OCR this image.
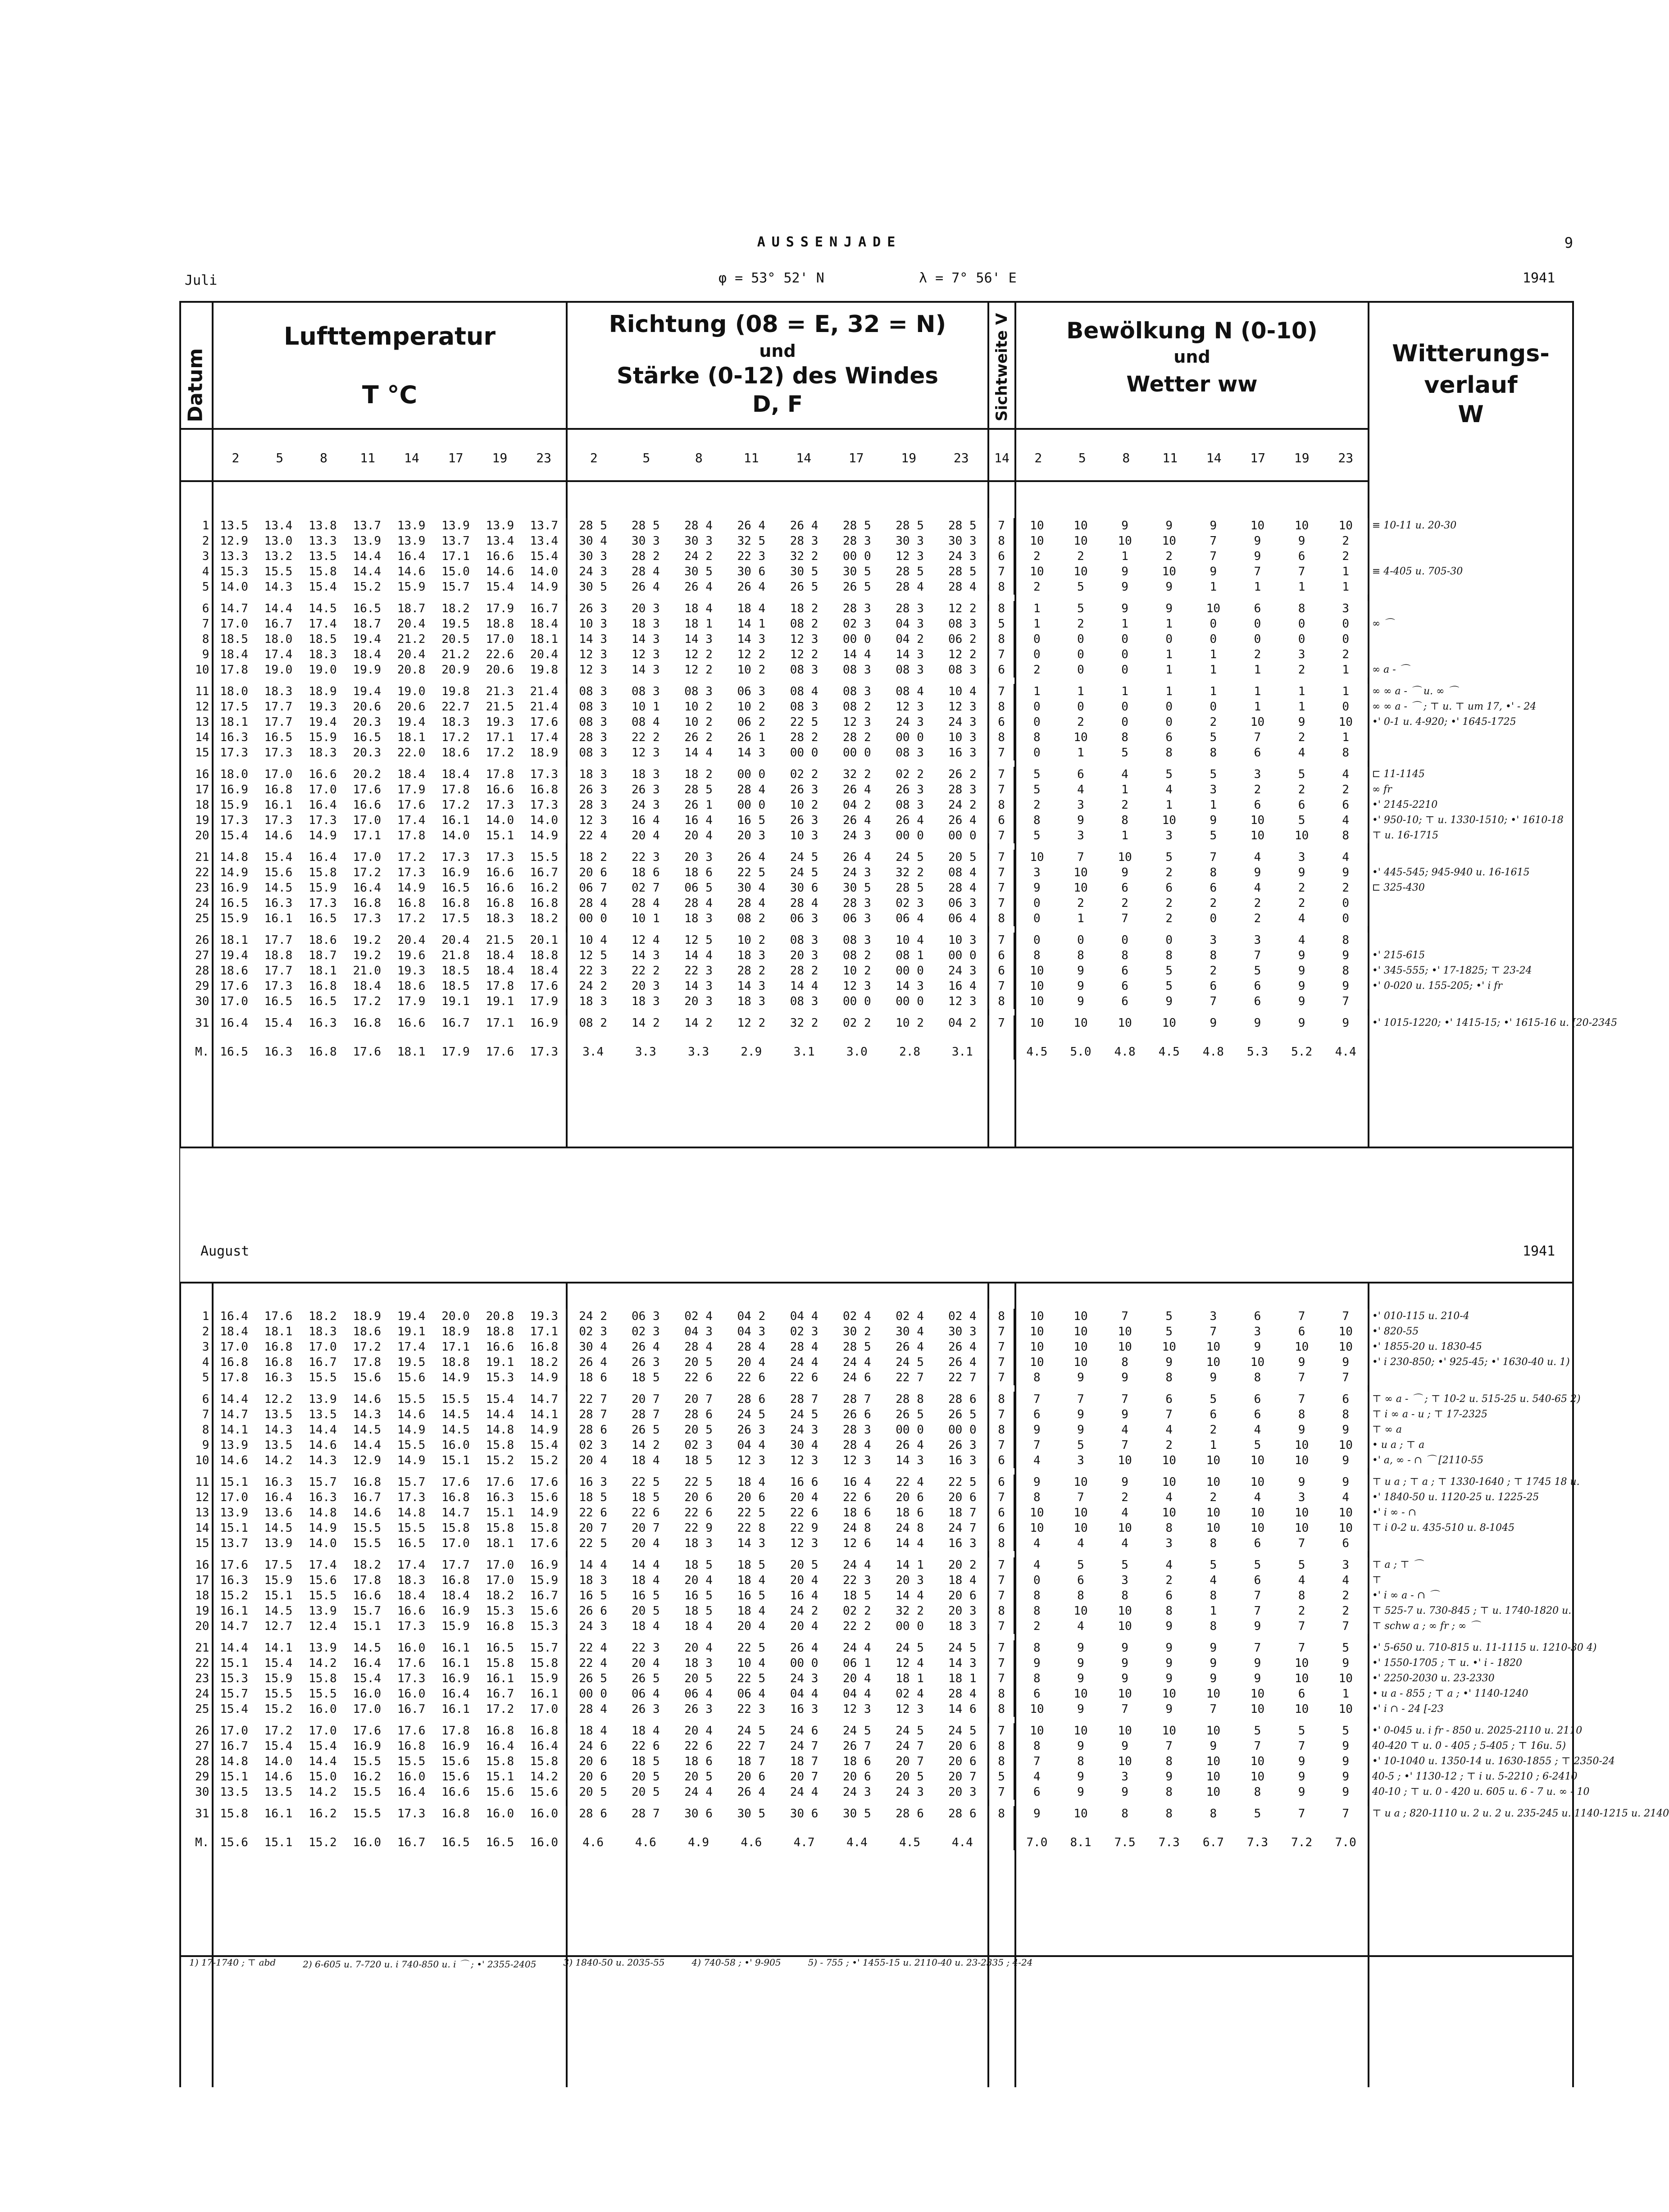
AUSSENJADE	9
Juli	φ = 53° 52' N	λ = 7° 56' E	1941
Datum
Lufttemperatur
T °C
Richtung (08 = E, 32 = N)
und
Stärke (0-12) des Windes
D, F	Sichtweite V	Bewölkung N (0-10)
und
Wetter ww
Witterungs-
verlauf
W
2	5	8	11	14	17	19	23	2	5	8	11	14	17	19	23	14	2	5	8	11	14	17	19	23
1	13.5	13.4	13.8	13.7	13.9	13.9	13.9	13.7	28 5	28 5	28 4	26 4	26 4	28 5	28 5	28 5	7	10	10	9	9	9	10	10	10	≡ 10-11 u. 20-30
2	12.9	13.0	13.3	13.9	13.9	13.7	13.4	13.4	30 4	30 3	30 3	32 5	28 3	28 3	30 3	30 3	8	10	10	10	10	7	9	9	2	
3	13.3	13.2	13.5	14.4	16.4	17.1	16.6	15.4	30 3	28 2	24 2	22 3	32 2	00 0	12 3	24 3	6	2	2	1	2	7	9	6	2	
4	15.3	15.5	15.8	14.4	14.6	15.0	14.6	14.0	24 3	28 4	30 5	30 6	30 5	30 5	28 5	28 5	7	10	10	9	10	9	7	7	1	≡ 4-405 u. 705-30
5	14.0	14.3	15.4	15.2	15.9	15.7	15.4	14.9	30 5	26 4	26 4	26 4	26 5	26 5	28 4	28 4	8	2	5	9	9	1	1	1	1	

6	14.7	14.4	14.5	16.5	18.7	18.2	17.9	16.7	26 3	20 3	18 4	18 4	18 2	28 3	28 3	12 2	8	1	5	9	9	10	6	8	3	
7	17.0	16.7	17.4	18.7	20.4	19.5	18.8	18.4	10 3	18 3	18 1	14 1	08 2	02 3	04 3	08 3	5	1	2	1	1	0	0	0	0	∞ ⌒
8	18.5	18.0	18.5	19.4	21.2	20.5	17.0	18.1	14 3	14 3	14 3	14 3	12 3	00 0	04 2	06 2	8	0	0	0	0	0	0	0	0	
9	18.4	17.4	18.3	18.4	20.4	21.2	22.6	20.4	12 3	12 3	12 2	12 2	12 2	14 4	14 3	12 2	7	0	0	0	1	1	2	3	2	
10	17.8	19.0	19.0	19.9	20.8	20.9	20.6	19.8	12 3	14 3	12 2	10 2	08 3	08 3	08 3	08 3	6	2	0	0	1	1	1	2	1	∞ a - ⌒

11	18.0	18.3	18.9	19.4	19.0	19.8	21.3	21.4	08 3	08 3	08 3	06 3	08 4	08 3	08 4	10 4	7	1	1	1	1	1	1	1	1	∞ ∞ a - ⌒ u. ∞ ⌒
12	17.5	17.7	19.3	20.6	20.6	22.7	21.5	21.4	08 3	10 1	10 2	10 2	08 3	08 2	12 3	12 3	8	0	0	0	0	0	1	1	0	∞ ∞ a - ⌒ ; ⊤ u. ⊤ um 17, •' - 24
13	18.1	17.7	19.4	20.3	19.4	18.3	19.3	17.6	08 3	08 4	10 2	06 2	22 5	12 3	24 3	24 3	6	0	2	0	0	2	10	9	10	•' 0-1 u. 4-920; •' 1645-1725
14	16.3	16.5	15.9	16.5	18.1	17.2	17.1	17.4	28 3	22 2	26 2	26 1	28 2	28 2	00 0	10 3	8	8	10	8	6	5	7	2	1	
15	17.3	17.3	18.3	20.3	22.0	18.6	17.2	18.9	08 3	12 3	14 4	14 3	00 0	00 0	08 3	16 3	7	0	1	5	8	8	6	4	8	

16	18.0	17.0	16.6	20.2	18.4	18.4	17.8	17.3	18 3	18 3	18 2	00 0	02 2	32 2	02 2	26 2	7	5	6	4	5	5	3	5	4	⊏ 11-1145
17	16.9	16.8	17.0	17.6	17.9	17.8	16.6	16.8	26 3	26 3	28 5	28 4	26 3	26 4	26 3	28 3	7	5	4	1	4	3	2	2	2	∞ fr
18	15.9	16.1	16.4	16.6	17.6	17.2	17.3	17.3	28 3	24 3	26 1	00 0	10 2	04 2	08 3	24 2	8	2	3	2	1	1	6	6	6	•' 2145-2210
19	17.3	17.3	17.3	17.0	17.4	16.1	14.0	14.0	12 3	16 4	16 4	16 5	26 3	26 4	26 4	26 4	6	8	9	8	10	9	10	5	4	•' 950-10; ⊤ u. 1330-1510; •' 1610-18
20	15.4	14.6	14.9	17.1	17.8	14.0	15.1	14.9	22 4	20 4	20 4	20 3	10 3	24 3	00 0	00 0	7	5	3	1	3	5	10	10	8	⊤ u. 16-1715

21	14.8	15.4	16.4	17.0	17.2	17.3	17.3	15.5	18 2	22 3	20 3	26 4	24 5	26 4	24 5	20 5	7	10	7	10	5	7	4	3	4	
22	14.9	15.6	15.8	17.2	17.3	16.9	16.6	16.7	20 6	18 6	18 6	22 5	24 5	24 3	32 2	08 4	7	3	10	9	2	8	9	9	9	•' 445-545; 945-940 u. 16-1615
23	16.9	14.5	15.9	16.4	14.9	16.5	16.6	16.2	06 7	02 7	06 5	30 4	30 6	30 5	28 5	28 4	7	9	10	6	6	6	4	2	2	⊏ 325-430
24	16.5	16.3	17.3	16.8	16.8	16.8	16.8	16.8	28 4	28 4	28 4	28 4	28 4	28 3	02 3	06 3	7	0	2	2	2	2	2	2	0	
25	15.9	16.1	16.5	17.3	17.2	17.5	18.3	18.2	00 0	10 1	18 3	08 2	06 3	06 3	06 4	06 4	8	0	1	7	2	0	2	4	0	

26	18.1	17.7	18.6	19.2	20.4	20.4	21.5	20.1	10 4	12 4	12 5	10 2	08 3	08 3	10 4	10 3	7	0	0	0	0	3	3	4	8	
27	19.4	18.8	18.7	19.2	19.6	21.8	18.4	18.8	12 5	14 3	14 4	18 3	20 3	08 2	08 1	00 0	6	8	8	8	8	8	7	9	9	•' 215-615
28	18.6	17.7	18.1	21.0	19.3	18.5	18.4	18.4	22 3	22 2	22 3	28 2	28 2	10 2	00 0	24 3	6	10	9	6	5	2	5	9	8	•' 345-555; •' 17-1825; ⊤ 23-24
29	17.6	17.3	16.8	18.4	18.6	18.5	17.8	17.6	24 2	20 3	14 3	14 3	14 4	12 3	14 3	16 4	7	10	9	6	5	6	6	9	9	•' 0-020 u. 155-205; •' i fr
30	17.0	16.5	16.5	17.2	17.9	19.1	19.1	17.9	18 3	18 3	20 3	18 3	08 3	00 0	00 0	12 3	8	10	9	6	9	7	6	9	7	

31	16.4	15.4	16.3	16.8	16.6	16.7	17.1	16.9	08 2	14 2	14 2	12 2	32 2	02 2	10 2	04 2	7	10	10	10	10	9	9	9	9	•' 1015-1220; •' 1415-15; •' 1615-16 u. [20-2345
M.	16.5	16.3	16.8	17.6	18.1	17.9	17.6	17.3	3.4	3.3	3.3	2.9	3.1	3.0	2.8	3.1		4.5	5.0	4.8	4.5	4.8	5.3	5.2	4.4	
August	1941
1	16.4	17.6	18.2	18.9	19.4	20.0	20.8	19.3	24 2	06 3	02 4	04 2	04 4	02 4	02 4	02 4	8	10	10	7	5	3	6	7	7	•' 010-115 u. 210-4
2	18.4	18.1	18.3	18.6	19.1	18.9	18.8	17.1	02 3	02 3	04 3	04 3	02 3	30 2	30 4	30 3	7	10	10	10	5	7	3	6	10	•' 820-55
3	17.0	16.8	17.0	17.2	17.4	17.1	16.6	16.8	30 4	26 4	28 4	28 4	28 4	28 5	26 4	26 4	7	10	10	10	10	10	9	10	10	•' 1855-20 u. 1830-45
4	16.8	16.8	16.7	17.8	19.5	18.8	19.1	18.2	26 4	26 3	20 5	20 4	24 4	24 4	24 5	26 4	7	10	10	8	9	10	10	9	9	•' i 230-850; •' 925-45; •' 1630-40 u. 1)
5	17.8	16.3	15.5	15.6	15.6	14.9	15.3	14.9	18 6	18 5	22 6	22 6	22 6	24 6	22 7	22 7	7	8	9	9	8	9	8	7	7	

6	14.4	12.2	13.9	14.6	15.5	15.5	15.4	14.7	22 7	20 7	20 7	28 6	28 7	28 7	28 8	28 6	8	7	7	7	6	5	6	7	6	⊤ ∞ a - ⌒ ; ⊤ 10-2 u. 515-25 u. 540-65 2)
7	14.7	13.5	13.5	14.3	14.6	14.5	14.4	14.1	28 7	28 7	28 6	24 5	24 5	26 6	26 5	26 5	7	6	9	9	7	6	6	8	8	⊤ i ∞ a - u ; ⊤ 17-2325
8	14.1	14.3	14.4	14.5	14.9	14.5	14.8	14.9	28 6	26 5	20 5	26 3	24 3	28 3	00 0	00 0	8	9	9	4	4	2	4	9	9	⊤ ∞ a
9	13.9	13.5	14.6	14.4	15.5	16.0	15.8	15.4	02 3	14 2	02 3	04 4	30 4	28 4	26 4	26 3	7	7	5	7	2	1	5	10	10	• u a ; ⊤ a
10	14.6	14.2	14.3	12.9	14.9	15.1	15.2	15.2	20 4	18 4	18 5	12 3	12 3	12 3	14 3	16 3	6	4	3	10	10	10	10	10	9	•' a, ∞ - ∩ ⌒ [2110-55

11	15.1	16.3	15.7	16.8	15.7	17.6	17.6	17.6	16 3	22 5	22 5	18 4	16 6	16 4	22 4	22 5	6	9	10	9	10	10	10	9	9	⊤ u a ; ⊤ a ; ⊤ 1330-1640 ; ⊤ 1745 18 u.
12	17.0	16.4	16.3	16.7	17.3	16.8	16.3	15.6	18 5	18 5	20 6	20 6	20 4	22 6	20 6	20 6	7	8	7	2	4	2	4	3	4	•' 1840-50 u. 1120-25 u. 1225-25
13	13.9	13.6	14.8	14.6	14.8	14.7	15.1	14.9	22 6	22 6	22 6	22 5	22 6	18 6	18 6	18 7	6	10	10	4	10	10	10	10	10	•' i ∞ - ∩
14	15.1	14.5	14.9	15.5	15.5	15.8	15.8	15.8	20 7	20 7	22 9	22 8	22 9	24 8	24 8	24 7	6	10	10	10	8	10	10	10	10	⊤ i 0-2 u. 435-510 u. 8-1045
15	13.7	13.9	14.0	15.5	16.5	17.0	18.1	17.6	22 5	20 4	18 3	14 3	12 3	12 6	14 4	16 3	8	4	4	4	3	8	6	7	6	

16	17.6	17.5	17.4	18.2	17.4	17.7	17.0	16.9	14 4	14 4	18 5	18 5	20 5	24 4	14 1	20 2	7	4	5	5	4	5	5	5	3	⊤ a ; ⊤ ⌒
17	16.3	15.9	15.6	17.8	18.3	16.8	17.0	15.9	18 3	18 4	20 4	18 4	20 4	22 3	20 3	18 4	7	0	6	3	2	4	6	4	4	⊤
18	15.2	15.1	15.5	16.6	18.4	18.4	18.2	16.7	16 5	16 5	16 5	16 5	16 4	18 5	14 4	20 6	7	8	8	8	6	8	7	8	2	•' i ∞ a - ∩ ⌒
19	16.1	14.5	13.9	15.7	16.6	16.9	15.3	15.6	26 6	20 5	18 5	18 4	24 2	02 2	32 2	20 3	8	8	10	10	8	1	7	2	2	⊤ 525-7 u. 730-845 ; ⊤ u. 1740-1820 u.
20	14.7	12.7	12.4	15.1	17.3	15.9	16.8	15.3	24 3	18 4	18 4	20 4	20 4	22 2	00 0	18 3	7	2	4	10	9	8	9	7	7	⊤ schw a ; ∞ fr ; ∞ ⌒

21	14.4	14.1	13.9	14.5	16.0	16.1	16.5	15.7	22 4	22 3	20 4	22 5	26 4	24 4	24 5	24 5	7	8	9	9	9	9	7	7	5	•' 5-650 u. 710-815 u. 11-1115 u. 1210-30 4)
22	15.1	15.4	14.2	16.4	17.6	16.1	15.8	15.8	22 4	20 4	18 3	10 4	00 0	06 1	12 4	14 3	7	9	9	9	9	9	9	10	9	•' 1550-1705 ; ⊤ u. •' i - 1820
23	15.3	15.9	15.8	15.4	17.3	16.9	16.1	15.9	26 5	26 5	20 5	22 5	24 3	20 4	18 1	18 1	7	8	9	9	9	9	9	10	10	•' 2250-2030 u. 23-2330
24	15.7	15.5	15.5	16.0	16.0	16.4	16.7	16.1	00 0	06 4	06 4	06 4	04 4	04 4	02 4	28 4	8	6	10	10	10	10	10	6	1	• u a - 855 ; ⊤ a ; •' 1140-1240
25	15.4	15.2	16.0	17.0	16.7	16.1	17.2	17.0	28 4	26 3	26 3	22 3	16 3	12 3	12 3	14 6	8	10	9	7	9	7	10	10	10	•' i ∩ - 24 [-23

26	17.0	17.2	17.0	17.6	17.6	17.8	16.8	16.8	18 4	18 4	20 4	24 5	24 6	24 5	24 5	24 5	7	10	10	10	10	10	5	5	5	•' 0-045 u. i fr - 850 u. 2025-2110 u. 2110
27	16.7	15.4	15.4	16.9	16.8	16.9	16.4	16.4	24 6	22 6	22 6	22 7	24 7	26 7	24 7	20 6	8	8	9	9	7	9	7	7	9	40-420 ⊤ u. 0 - 405 ; 5-405 ; ⊤ 16u. 5)
28	14.8	14.0	14.4	15.5	15.5	15.6	15.8	15.8	20 6	18 5	18 6	18 7	18 7	18 6	20 7	20 6	8	7	8	10	8	10	10	9	9	•' 10-1040 u. 1350-14 u. 1630-1855 ; ⊤ 2350-24
29	15.1	14.6	15.0	16.2	16.0	15.6	15.1	14.2	20 6	20 5	20 5	20 6	20 7	20 6	20 5	20 7	5	4	9	3	9	10	10	9	9	40-5 ; •' 1130-12 ; ⊤ i u. 5-2210 ; 6-2410
30	13.5	13.5	14.2	15.5	16.4	16.6	15.6	15.6	20 5	20 5	24 4	26 4	24 4	24 3	24 3	20 3	7	6	9	9	8	10	8	9	9	40-10 ; ⊤ u. 0 - 420 u. 605 u. 6 - 7 u. ∞ - 10

31	15.8	16.1	16.2	15.5	17.3	16.8	16.0	16.0	28 6	28 7	30 6	30 5	30 6	30 5	28 6	28 6	8	9	10	8	8	8	5	7	7	⊤ u a ; 820-1110 u. 2 u. 2 u. 235-245 u. 1140-1215 u. 2140
M.	15.6	15.1	15.2	16.0	16.7	16.5	16.5	16.0	4.6	4.6	4.9	4.6	4.7	4.4	4.5	4.4		7.0	8.1	7.5	7.3	6.7	7.3	7.2	7.0	
1) 17-1740 ; ⊤ abd	2) 6-605 u. 7-720 u. i 740-850 u. i ⌒ ; •' 2355-2405	3) 1840-50 u. 2035-55	4) 740-58 ; •' 9-905	5) - 755 ; •' 1455-15 u. 2110-40 u. 23-2335 ; 4-24
